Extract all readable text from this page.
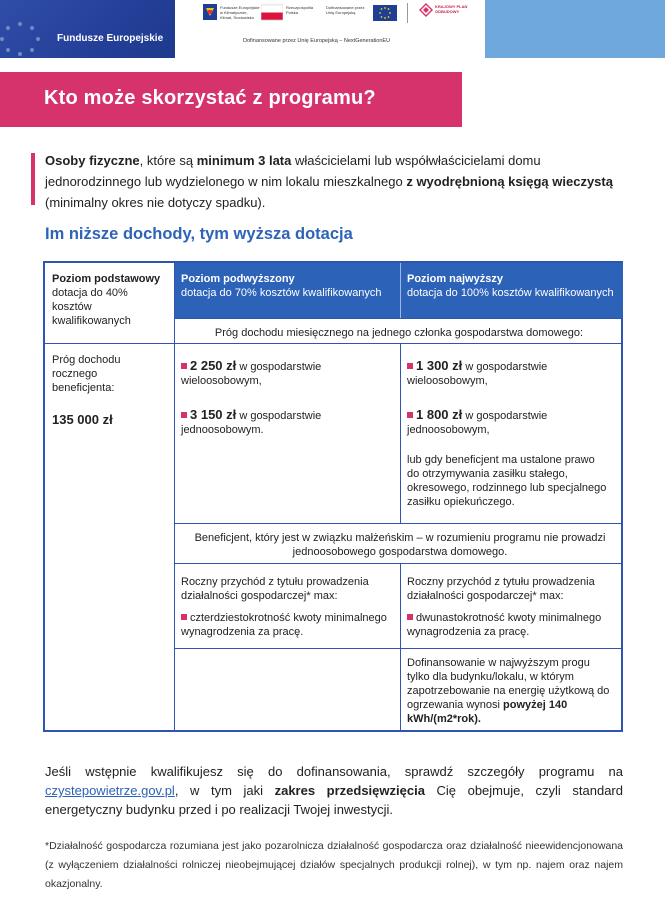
Fundusze Europejskie
Fundusze Europejskie w Klimatycznie, Klimat, Środowisko
Rzeczpospolita Polska
Dofinansowane przez Unię Europejską
KRAJOWY PLAN ODBUDOWY
Dofinansowane przez Unię Europejską – NextGenerationEU
Kto może skorzystać z programu?

Osoby fizyczne, które są minimum 3 lata właścicielami lub współwłaścicielami domu jednorodzinnego lub wydzielonego w nim lokalu mieszkalnego z wyodrębnioną księgą wieczystą (minimalny okres nie dotyczy spadku).

Im niższe dochody, tym wyższa dotacja
Poziom podstawowy
dotacja do 40% kosztów kwalifikowanych
Poziom podwyższony
dotacja do 70% kosztów kwalifikowanych
Poziom najwyższy
dotacja do 100% kosztów kwalifikowanych
Próg dochodu miesięcznego na jednego członka gospodarstwa domowego:
Próg dochodu rocznego beneficjenta:
135 000 zł
2 250 zł w gospodarstwie wieloosobowym,
3 150 zł w gospodarstwie jednoosobowym.
1 300 zł w gospodarstwie wieloosobowym,
1 800 zł w gospodarstwie jednoosobowym,
lub gdy beneficjent ma ustalone prawo do otrzymywania zasiłku stałego, okresowego, rodzinnego lub specjalnego zasiłku opiekuńczego.
Beneficjent, który jest w związku małżeńskim – w rozumieniu programu nie prowadzi jednoosobowego gospodarstwa domowego.
Roczny przychód z tytułu prowadzenia działalności gospodarczej* max:
czterdziestokrotność kwoty minimalnego wynagrodzenia za pracę.
Roczny przychód z tytułu prowadzenia działalności gospodarczej* max:
dwunastokrotność kwoty minimalnego wynagrodzenia za pracę.
Dofinansowanie w najwyższym progu tylko dla budynku/lokalu, w którym zapotrzebowanie na energię użytkową do ogrzewania wynosi powyżej 140 kWh/(m2*rok).

Jeśli wstępnie kwalifikujesz się do dofinansowania, sprawdź szczegóły programu na czystepowietrze.gov.pl, w tym jaki zakres przedsięwzięcia Cię obejmuje, czyli standard energetyczny budynku przed i po realizacji Twojej inwestycji.

*Działalność gospodarcza rozumiana jest jako pozarolnicza działalność gospodarcza oraz działalność nieewidencjonowana (z wyłączeniem działalności rolniczej nieobejmującej działów specjalnych produkcji rolnej), w tym np. najem oraz najem okazjonalny.
